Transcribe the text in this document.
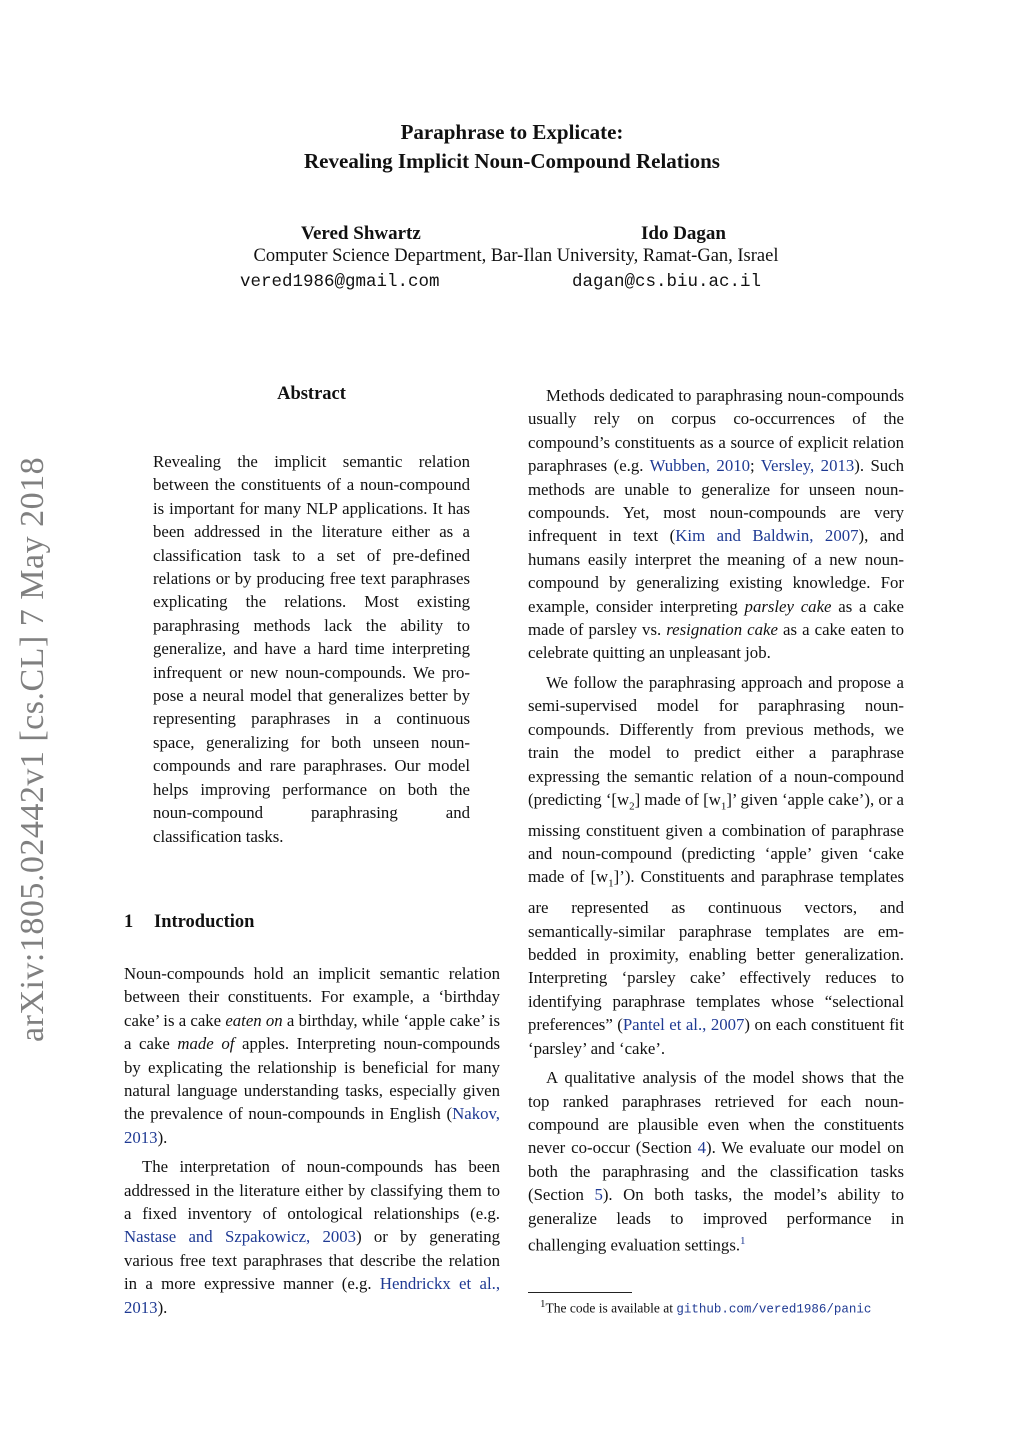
Paraphrase to Explicate:
Revealing Implicit Noun-Compound Relations
Vered Shwartz	Ido Dagan
Computer Science Department, Bar-Ilan University, Ramat-Gan, Israel
vered1986@gmail.com	dagan@cs.biu.ac.il
arXiv:1805.02442v1 [cs.CL] 7 May 2018
Abstract

Revealing the implicit semantic relation between the constituents of a noun-compound is important for many NLP applications. It has been addressed in the literature either as a classification task to a set of pre-defined relations or by producing free text paraphrases explicating the relations. Most existing paraphrasing methods lack the ability to generalize, and have a hard time interpreting infrequent or new noun-compounds. We propose a neural model that generalizes better by representing paraphrases in a continuous space, generalizing for both unseen noun-compounds and rare paraphrases. Our model helps improving performance on both the noun-compound paraphrasing and classification tasks.

1 Introduction

Noun-compounds hold an implicit semantic relation between their constituents. For example, a ‘birthday cake’ is a cake eaten on a birthday, while ‘apple cake’ is a cake made of apples. Interpreting noun-compounds by explicating the relationship is beneficial for many natural language understanding tasks, especially given the prevalence of noun-compounds in English (Nakov, 2013).

The interpretation of noun-compounds has been addressed in the literature either by classifying them to a fixed inventory of ontological relationships (e.g. Nastase and Szpakowicz, 2003) or by generating various free text paraphrases that describe the relation in a more expressive manner (e.g. Hendrickx et al., 2013).

Methods dedicated to paraphrasing noun-compounds usually rely on corpus co-occurrences of the compound’s constituents as a source of explicit relation paraphrases (e.g. Wubben, 2010; Versley, 2013). Such methods are unable to generalize for unseen noun-compounds. Yet, most noun-compounds are very infrequent in text (Kim and Baldwin, 2007), and humans easily interpret the meaning of a new noun-compound by generalizing existing knowledge. For example, consider interpreting parsley cake as a cake made of parsley vs. resignation cake as a cake eaten to celebrate quitting an unpleasant job.

We follow the paraphrasing approach and propose a semi-supervised model for paraphrasing noun-compounds. Differently from previous methods, we train the model to predict either a paraphrase expressing the semantic relation of a noun-compound (predicting ‘$[w_2]$ made of $[w_1]$’ given ‘apple cake’), or a missing constituent given a combination of paraphrase and noun-compound (predicting ‘apple’ given ‘cake made of $[w_1]$’). Constituents and paraphrase templates are represented as continuous vectors, and semantically-similar paraphrase templates are embedded in proximity, enabling better generalization. Interpreting ‘parsley cake’ effectively reduces to identifying paraphrase templates whose “selectional preferences” (Pantel et al., 2007) on each constituent fit ‘parsley’ and ‘cake’.

A qualitative analysis of the model shows that the top ranked paraphrases retrieved for each noun-compound are plausible even when the constituents never co-occur (Section 4). We evaluate our model on both the paraphrasing and the classification tasks (Section 5). On both tasks, the model’s ability to generalize leads to improved performance in challenging evaluation settings.$^1$

$^1$The code is available at github.com/vered1986/panic
